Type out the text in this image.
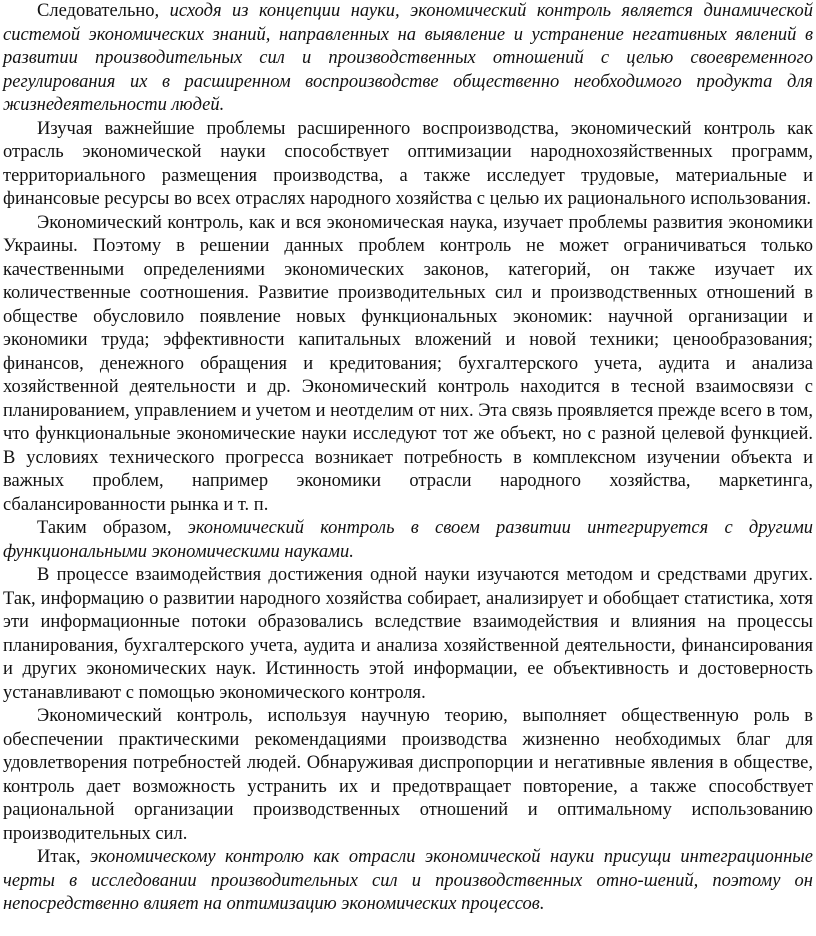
Следовательно, исходя из концепции науки, экономический контроль является динамической системой экономических знаний, направленных на выявление и устранение негативных явлений в развитии производительных сил и производственных отношений с целью своевременного регулирования их в расширенном воспроизводстве общественно необходимого продукта для жизнедеятельности людей.

Изучая важнейшие проблемы расширенного воспроизводства, экономический контроль как отрасль экономической науки способствует оптимизации народнохозяйственных программ, территориального размещения производства, а также исследует трудовые, материальные и финансовые ресурсы во всех отраслях народного хозяйства с целью их рационального использования.

Экономический контроль, как и вся экономическая наука, изучает проблемы развития экономики Украины. Поэтому в решении данных проблем контроль не может ограничиваться только качественными определениями экономических законов, категорий, он также изучает их количественные соотношения. Развитие производительных сил и производственных отношений в обществе обусловило появление новых функциональных экономик: научной организации и экономики труда; эффективности капитальных вложений и новой техники; ценообразования; финансов, денежного обращения и кредитования; бухгалтерского учета, аудита и анализа хозяйственной деятельности и др. Экономический контроль находится в тесной взаимосвязи с планированием, управлением и учетом и неотделим от них. Эта связь проявляется прежде всего в том, что функциональные экономические науки исследуют тот же объект, но с разной целевой функцией. В условиях технического прогресса возникает потребность в комплексном изучении объекта и важных проблем, например экономики отрасли народного хозяйства, маркетинга, сбалансированности рынка и т. п.

Таким образом, экономический контроль в своем развитии интегрируется с другими функциональными экономическими науками.

В процессе взаимодействия достижения одной науки изучаются методом и средствами других. Так, информацию о развитии народного хозяйства собирает, анализирует и обобщает статистика, хотя эти информационные потоки образовались вследствие взаимодействия и влияния на процессы планирования, бухгалтерского учета, аудита и анализа хозяйственной деятельности, финансирования и других экономических наук. Истинность этой информации, ее объективность и достоверность устанавливают с помощью экономического контроля.

Экономический контроль, используя научную теорию, выполняет общественную роль в обеспечении практическими рекомендациями производства жизненно необходимых благ для удовлетворения потребностей людей. Обнаруживая диспропорции и негативные явления в обществе, контроль дает возможность устранить их и предотвращает повторение, а также способствует рациональной организации производственных отношений и оптимальному использованию производительных сил.

Итак, экономическому контролю как отрасли экономической науки присущи интеграционные черты в исследовании производительных сил и производственных отно-шений, поэтому он непосредственно влияет на оптимизацию экономических процессов.
